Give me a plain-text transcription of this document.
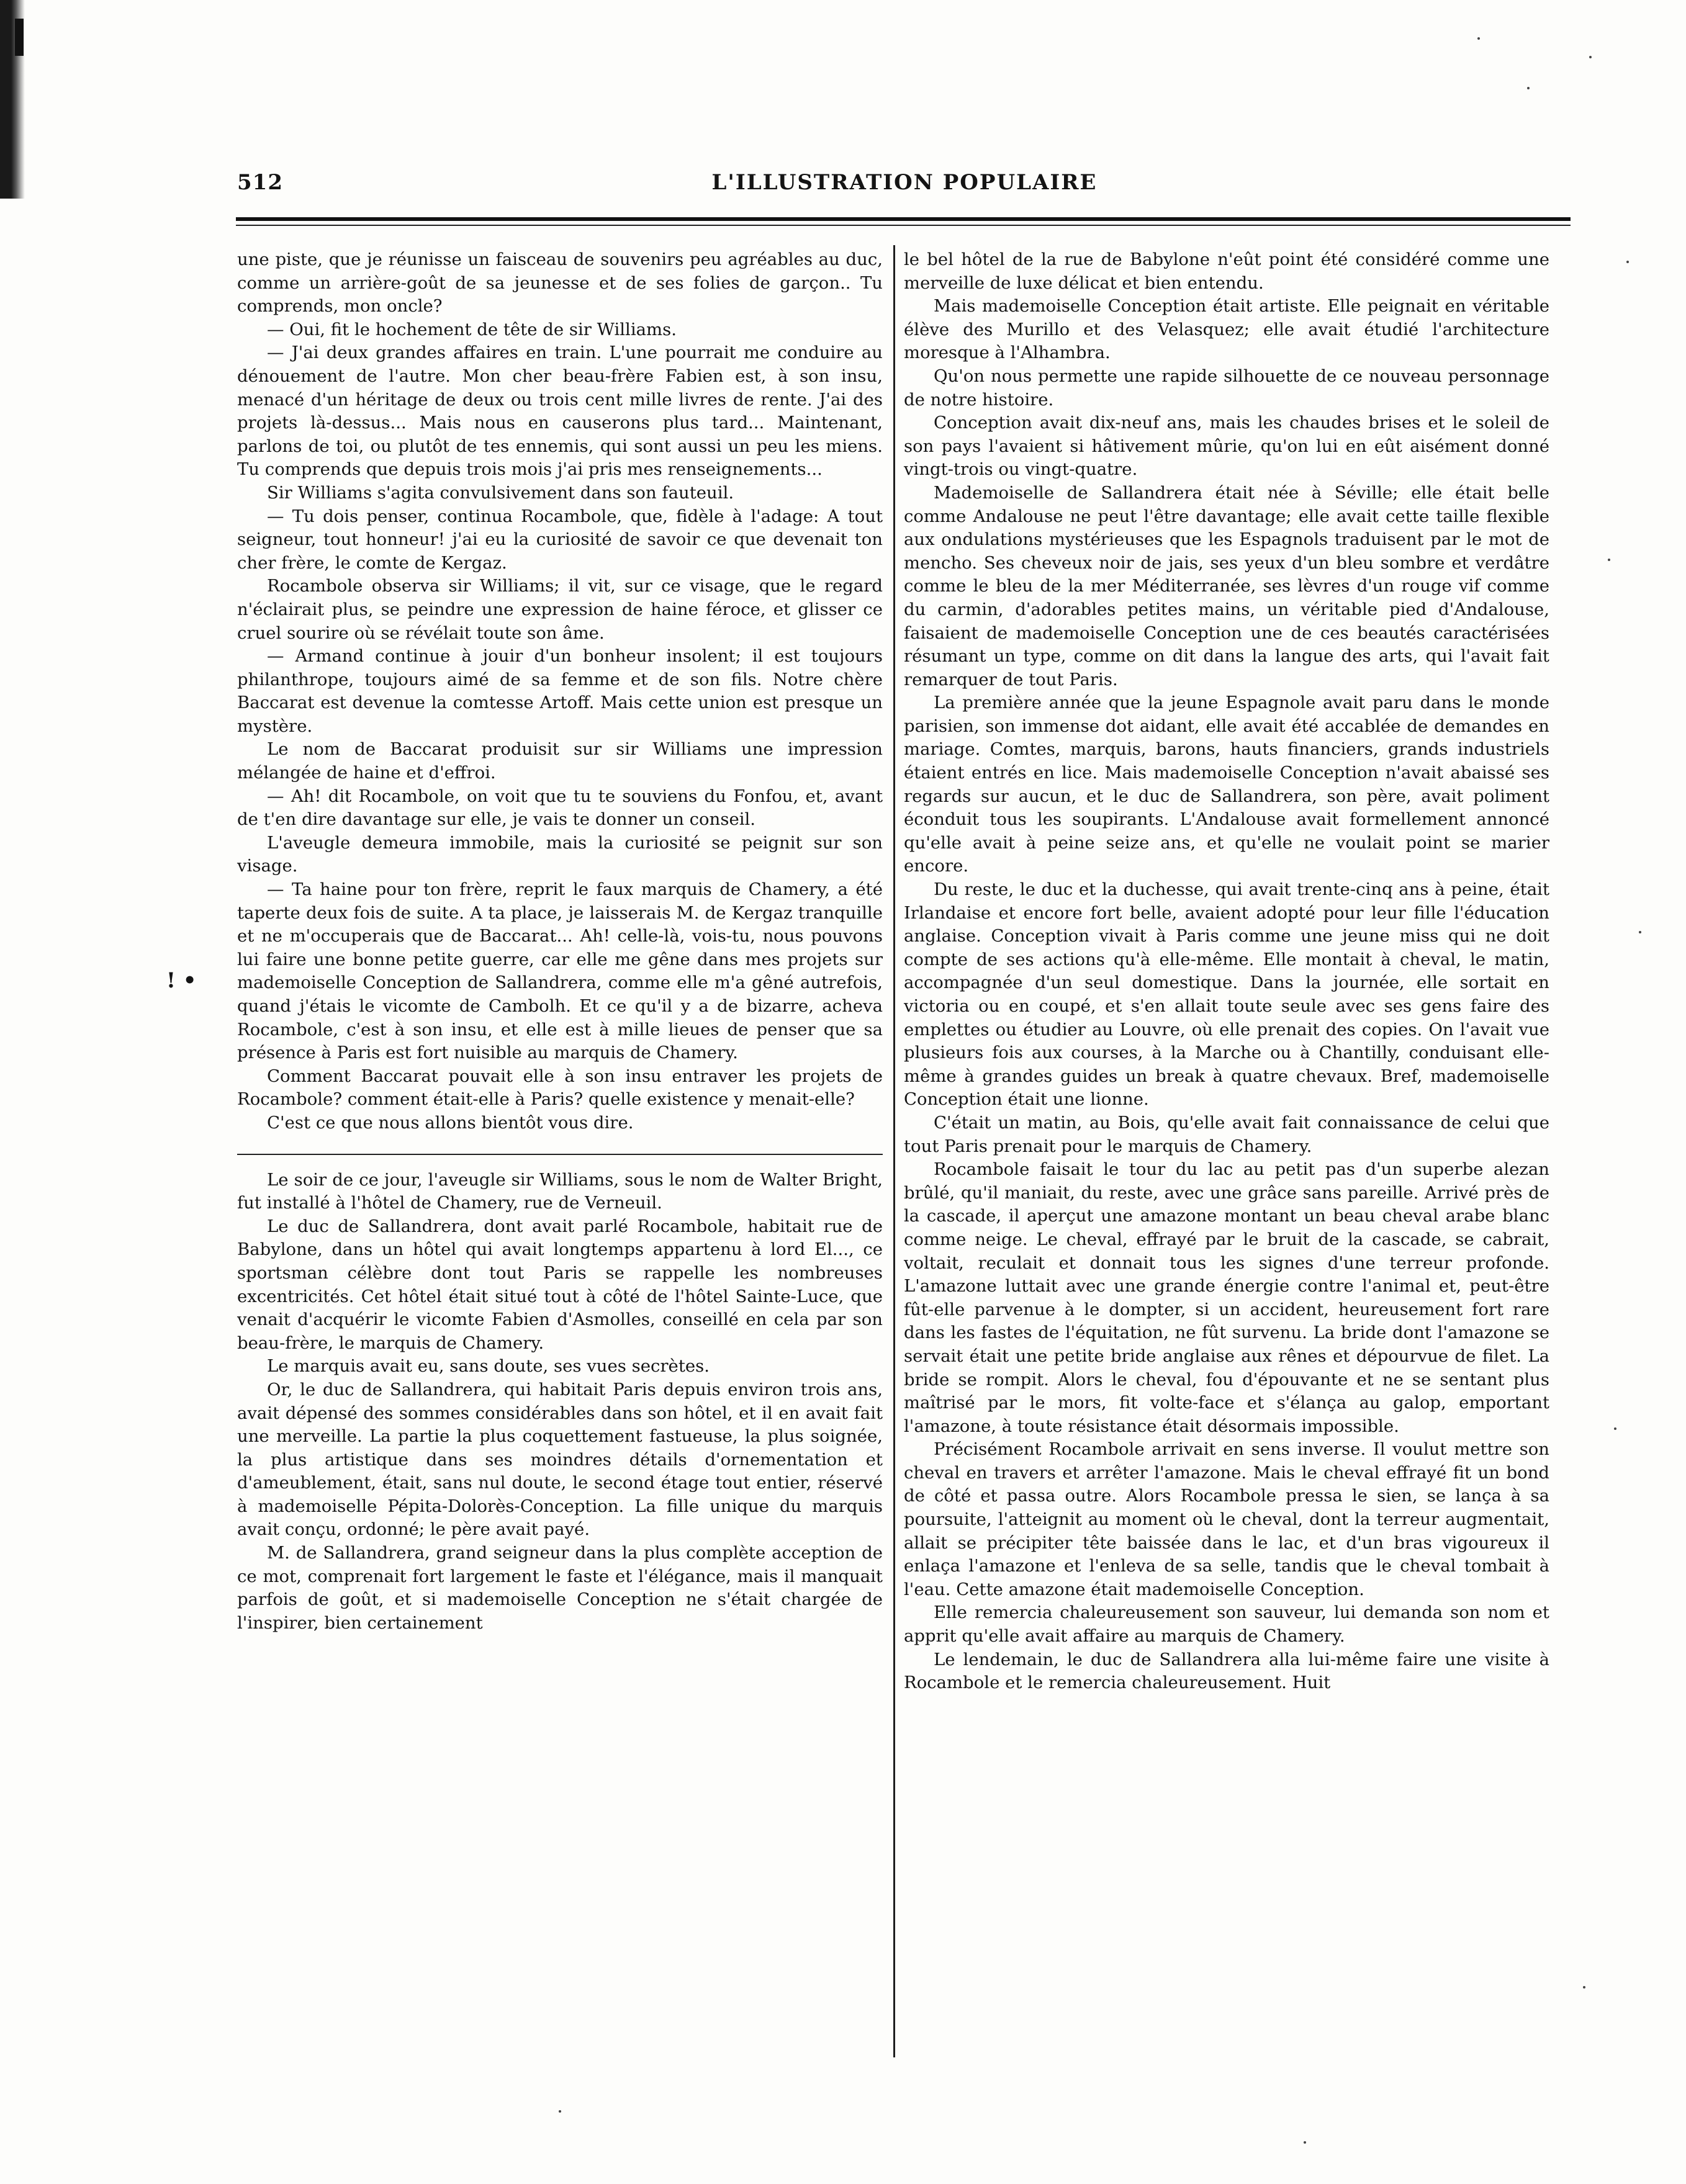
512	L'ILLUSTRATION POPULAIRE
! •

une piste, que je réunisse un faisceau de souvenirs peu agréables au duc, comme un arrière-goût de sa jeunesse et de ses folies de garçon.. Tu comprends, mon oncle?

— Oui, fit le hochement de tête de sir Williams.

— J'ai deux grandes affaires en train. L'une pourrait me conduire au dénouement de l'autre. Mon cher beau-frère Fabien est, à son insu, menacé d'un héritage de deux ou trois cent mille livres de rente. J'ai des projets là-dessus... Mais nous en causerons plus tard... Maintenant, parlons de toi, ou plutôt de tes ennemis, qui sont aussi un peu les miens. Tu comprends que depuis trois mois j'ai pris mes renseignements...

Sir Williams s'agita convulsivement dans son fauteuil.

— Tu dois penser, continua Rocambole, que, fidèle à l'adage: A tout seigneur, tout honneur! j'ai eu la curiosité de savoir ce que devenait ton cher frère, le comte de Kergaz.

Rocambole observa sir Williams; il vit, sur ce visage, que le regard n'éclairait plus, se peindre une expression de haine féroce, et glisser ce cruel sourire où se révélait toute son âme.

— Armand continue à jouir d'un bonheur insolent; il est toujours philanthrope, toujours aimé de sa femme et de son fils. Notre chère Baccarat est devenue la comtesse Artoff. Mais cette union est presque un mystère.

Le nom de Baccarat produisit sur sir Williams une impression mélangée de haine et d'effroi.

— Ah! dit Rocambole, on voit que tu te souviens du Fonfou, et, avant de t'en dire davantage sur elle, je vais te donner un conseil.

L'aveugle demeura immobile, mais la curiosité se peignit sur son visage.

— Ta haine pour ton frère, reprit le faux marquis de Chamery, a été taperte deux fois de suite. A ta place, je laisserais M. de Kergaz tranquille et ne m'occuperais que de Baccarat... Ah! celle-là, vois-tu, nous pouvons lui faire une bonne petite guerre, car elle me gêne dans mes projets sur mademoiselle Conception de Sallandrera, comme elle m'a gêné autrefois, quand j'étais le vicomte de Cambolh. Et ce qu'il y a de bizarre, acheva Rocambole, c'est à son insu, et elle est à mille lieues de penser que sa présence à Paris est fort nuisible au marquis de Chamery.

Comment Baccarat pouvait elle à son insu entraver les projets de Rocambole? comment était-elle à Paris? quelle existence y menait-elle?

C'est ce que nous allons bientôt vous dire.

Le soir de ce jour, l'aveugle sir Williams, sous le nom de Walter Bright, fut installé à l'hôtel de Chamery, rue de Verneuil.

Le duc de Sallandrera, dont avait parlé Rocambole, habitait rue de Babylone, dans un hôtel qui avait longtemps appartenu à lord El..., ce sportsman célèbre dont tout Paris se rappelle les nombreuses excentricités. Cet hôtel était situé tout à côté de l'hôtel Sainte-Luce, que venait d'acquérir le vicomte Fabien d'Asmolles, conseillé en cela par son beau-frère, le marquis de Chamery.

Le marquis avait eu, sans doute, ses vues secrètes.

Or, le duc de Sallandrera, qui habitait Paris depuis environ trois ans, avait dépensé des sommes considérables dans son hôtel, et il en avait fait une merveille. La partie la plus coquettement fastueuse, la plus soignée, la plus artistique dans ses moindres détails d'ornementation et d'ameublement, était, sans nul doute, le second étage tout entier, réservé à mademoiselle Pépita-Dolorès-Conception. La fille unique du marquis avait conçu, ordonné; le père avait payé.

M. de Sallandrera, grand seigneur dans la plus complète acception de ce mot, comprenait fort largement le faste et l'élégance, mais il manquait parfois de goût, et si mademoiselle Conception ne s'était chargée de l'inspirer, bien certainement

le bel hôtel de la rue de Babylone n'eût point été considéré comme une merveille de luxe délicat et bien entendu.

Mais mademoiselle Conception était artiste. Elle peignait en véritable élève des Murillo et des Velasquez; elle avait étudié l'architecture moresque à l'Alhambra.

Qu'on nous permette une rapide silhouette de ce nouveau personnage de notre histoire.

Conception avait dix-neuf ans, mais les chaudes brises et le soleil de son pays l'avaient si hâtivement mûrie, qu'on lui en eût aisément donné vingt-trois ou vingt-quatre.

Mademoiselle de Sallandrera était née à Séville; elle était belle comme Andalouse ne peut l'être davantage; elle avait cette taille flexible aux ondulations mystérieuses que les Espagnols traduisent par le mot de mencho. Ses cheveux noir de jais, ses yeux d'un bleu sombre et verdâtre comme le bleu de la mer Méditerranée, ses lèvres d'un rouge vif comme du carmin, d'adorables petites mains, un véritable pied d'Andalouse, faisaient de mademoiselle Conception une de ces beautés caractérisées résumant un type, comme on dit dans la langue des arts, qui l'avait fait remarquer de tout Paris.

La première année que la jeune Espagnole avait paru dans le monde parisien, son immense dot aidant, elle avait été accablée de demandes en mariage. Comtes, marquis, barons, hauts financiers, grands industriels étaient entrés en lice. Mais mademoiselle Conception n'avait abaissé ses regards sur aucun, et le duc de Sallandrera, son père, avait poliment éconduit tous les soupirants. L'Andalouse avait formellement annoncé qu'elle avait à peine seize ans, et qu'elle ne voulait point se marier encore.

Du reste, le duc et la duchesse, qui avait trente-cinq ans à peine, était Irlandaise et encore fort belle, avaient adopté pour leur fille l'éducation anglaise. Conception vivait à Paris comme une jeune miss qui ne doit compte de ses actions qu'à elle-même. Elle montait à cheval, le matin, accompagnée d'un seul domestique. Dans la journée, elle sortait en victoria ou en coupé, et s'en allait toute seule avec ses gens faire des emplettes ou étudier au Louvre, où elle prenait des copies. On l'avait vue plusieurs fois aux courses, à la Marche ou à Chantilly, conduisant elle-même à grandes guides un break à quatre chevaux. Bref, mademoiselle Conception était une lionne.

C'était un matin, au Bois, qu'elle avait fait connaissance de celui que tout Paris prenait pour le marquis de Chamery.

Rocambole faisait le tour du lac au petit pas d'un superbe alezan brûlé, qu'il maniait, du reste, avec une grâce sans pareille. Arrivé près de la cascade, il aperçut une amazone montant un beau cheval arabe blanc comme neige. Le cheval, effrayé par le bruit de la cascade, se cabrait, voltait, reculait et donnait tous les signes d'une terreur profonde. L'amazone luttait avec une grande énergie contre l'animal et, peut-être fût-elle parvenue à le dompter, si un accident, heureusement fort rare dans les fastes de l'équitation, ne fût survenu. La bride dont l'amazone se servait était une petite bride anglaise aux rênes et dépourvue de filet. La bride se rompit. Alors le cheval, fou d'épouvante et ne se sentant plus maîtrisé par le mors, fit volte-face et s'élança au galop, emportant l'amazone, à toute résistance était désormais impossible.

Précisément Rocambole arrivait en sens inverse. Il voulut mettre son cheval en travers et arrêter l'amazone. Mais le cheval effrayé fit un bond de côté et passa outre. Alors Rocambole pressa le sien, se lança à sa poursuite, l'atteignit au moment où le cheval, dont la terreur augmentait, allait se précipiter tête baissée dans le lac, et d'un bras vigoureux il enlaça l'amazone et l'enleva de sa selle, tandis que le cheval tombait à l'eau. Cette amazone était mademoiselle Conception.

Elle remercia chaleureusement son sauveur, lui demanda son nom et apprit qu'elle avait affaire au marquis de Chamery.

Le lendemain, le duc de Sallandrera alla lui-même faire une visite à Rocambole et le remercia chaleureusement. Huit
